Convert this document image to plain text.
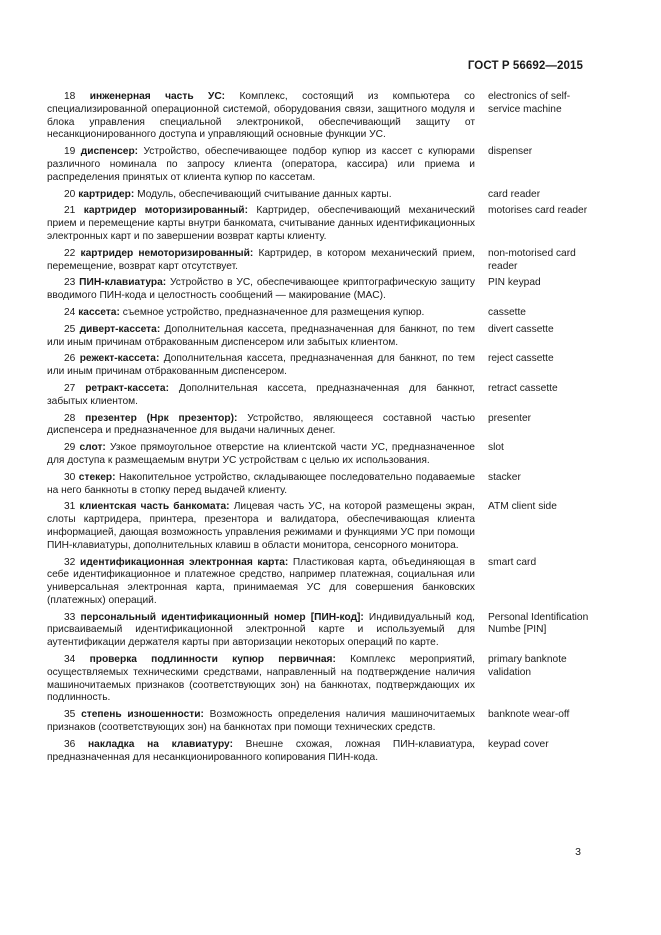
ГОСТ Р 56692—2015
18 инженерная часть УС: Комплекс, состоящий из компьютера со специализированной операционной системой, оборудования связи, защитного модуля и блока управления специальной электроникой, обеспечивающий защиту от несанкционированного доступа и управляющий основные функции УС.
electronics of self-service machine
19 диспенсер: Устройство, обеспечивающее подбор купюр из кассет с купюрами различного номинала по запросу клиента (оператора, кассира) или приема и распределения принятых от клиента купюр по кассетам.
dispenser
20 картридер: Модуль, обеспечивающий считывание данных карты.	card reader
21 картридер моторизированный: Картридер, обеспечивающий механический прием и перемещение карты внутри банкомата, считывание данных идентификационных электронных карт и по завершении возврат карты клиенту.
motorises card reader
22 картридер немоторизированный: Картридер, в котором механический прием, перемещение, возврат карт отсутствует.
non-motorised card reader
23 ПИН-клавиатура: Устройство в УС, обеспечивающее криптографическую защиту вводимого ПИН-кода и целостность сообщений — макирование (MAC).
PIN keypad
24 кассета: съемное устройство, предназначенное для размещения купюр.	cassette
25 диверт-кассета: Дополнительная кассета, предназначенная для банкнот, по тем или иным причинам отбракованным диспенсером или забытых клиентом.
divert cassette
26 режект-кассета: Дополнительная кассета, предназначенная для банкнот, по тем или иным причинам отбракованным диспенсером.
reject cassette
27 ретракт-кассета: Дополнительная кассета, предназначенная для банкнот, забытых клиентом.
retract cassette
28 презентер (Нрк презентор): Устройство, являющееся составной частью диспенсера и предназначенное для выдачи наличных денег.
presenter
29 слот: Узкое прямоугольное отверстие на клиентской части УС, предназначенное для доступа к размещаемым внутри УС устройствам с целью их использования.
slot
30 стекер: Накопительное устройство, складывающее последовательно подаваемые на него банкноты в стопку перед выдачей клиенту.
stacker
31 клиентская часть банкомата: Лицевая часть УС, на которой размещены экран, слоты картридера, принтера, презентора и валидатора, обеспечивающая клиента информацией, дающая возможность управления режимами и функциями УС при помощи ПИН-клавиатуры, дополнительных клавиш в области монитора, сенсорного монитора.
ATM client side
32 идентификационная электронная карта: Пластиковая карта, объединяющая в себе идентификационное и платежное средство, например платежная, социальная или универсальная электронная карта, принимаемая УС для совершения банковских (платежных) операций.
smart card
33 персональный идентификационный номер [ПИН-код]: Индивидуальный код, присваиваемый идентификационной электронной карте и используемый для аутентификации держателя карты при авторизации некоторых операций по карте.
Personal Identification Numbe [PIN]
34 проверка подлинности купюр первичная: Комплекс мероприятий, осуществляемых техническими средствами, направленный на подтверждение наличия машиночитаемых признаков (соответствующих зон) на банкнотах, подтверждающих их подлинность.
primary banknote validation
35 степень изношенности: Возможность определения наличия машиночитаемых признаков (соответствующих зон) на банкнотах при помощи технических средств.
banknote wear-off
36 накладка на клавиатуру: Внешне схожая, ложная ПИН-клавиатура, предназначенная для несанкционированного копирования ПИН-кода.
keypad cover
3
